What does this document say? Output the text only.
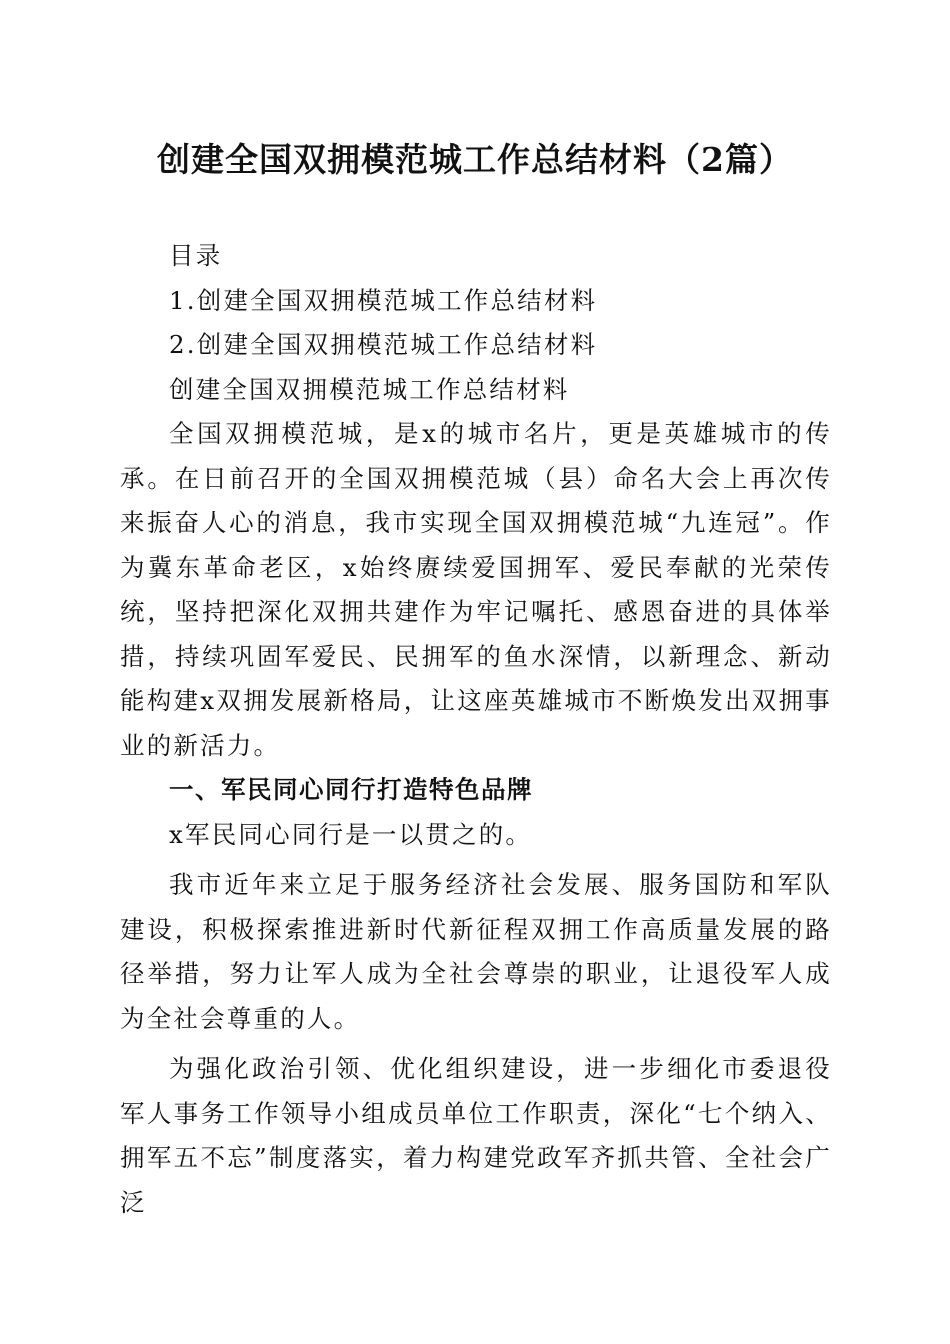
创建全国双拥模范城工作总结材料（2篇）

目录

1.创建全国双拥模范城工作总结材料

2.创建全国双拥模范城工作总结材料

创建全国双拥模范城工作总结材料

全国双拥模范城，是x的城市名片，更是英雄城市的传承。在日前召开的全国双拥模范城（县）命名大会上再次传来振奋人心的消息，我市实现全国双拥模范城“九连冠”。作为冀东革命老区，x始终赓续爱国拥军、爱民奉献的光荣传统，坚持把深化双拥共建作为牢记嘱托、感恩奋进的具体举措，持续巩固军爱民、民拥军的鱼水深情，以新理念、新动能构建x双拥发展新格局，让这座英雄城市不断焕发出双拥事业的新活力。

一、军民同心同行打造特色品牌

x军民同心同行是一以贯之的。

我市近年来立足于服务经济社会发展、服务国防和军队建设，积极探索推进新时代新征程双拥工作高质量发展的路径举措，努力让军人成为全社会尊崇的职业，让退役军人成为全社会尊重的人。

为强化政治引领、优化组织建设，进一步细化市委退役军人事务工作领导小组成员单位工作职责，深化“七个纳入、拥军五不忘”制度落实，着力构建党政军齐抓共管、全社会广泛
